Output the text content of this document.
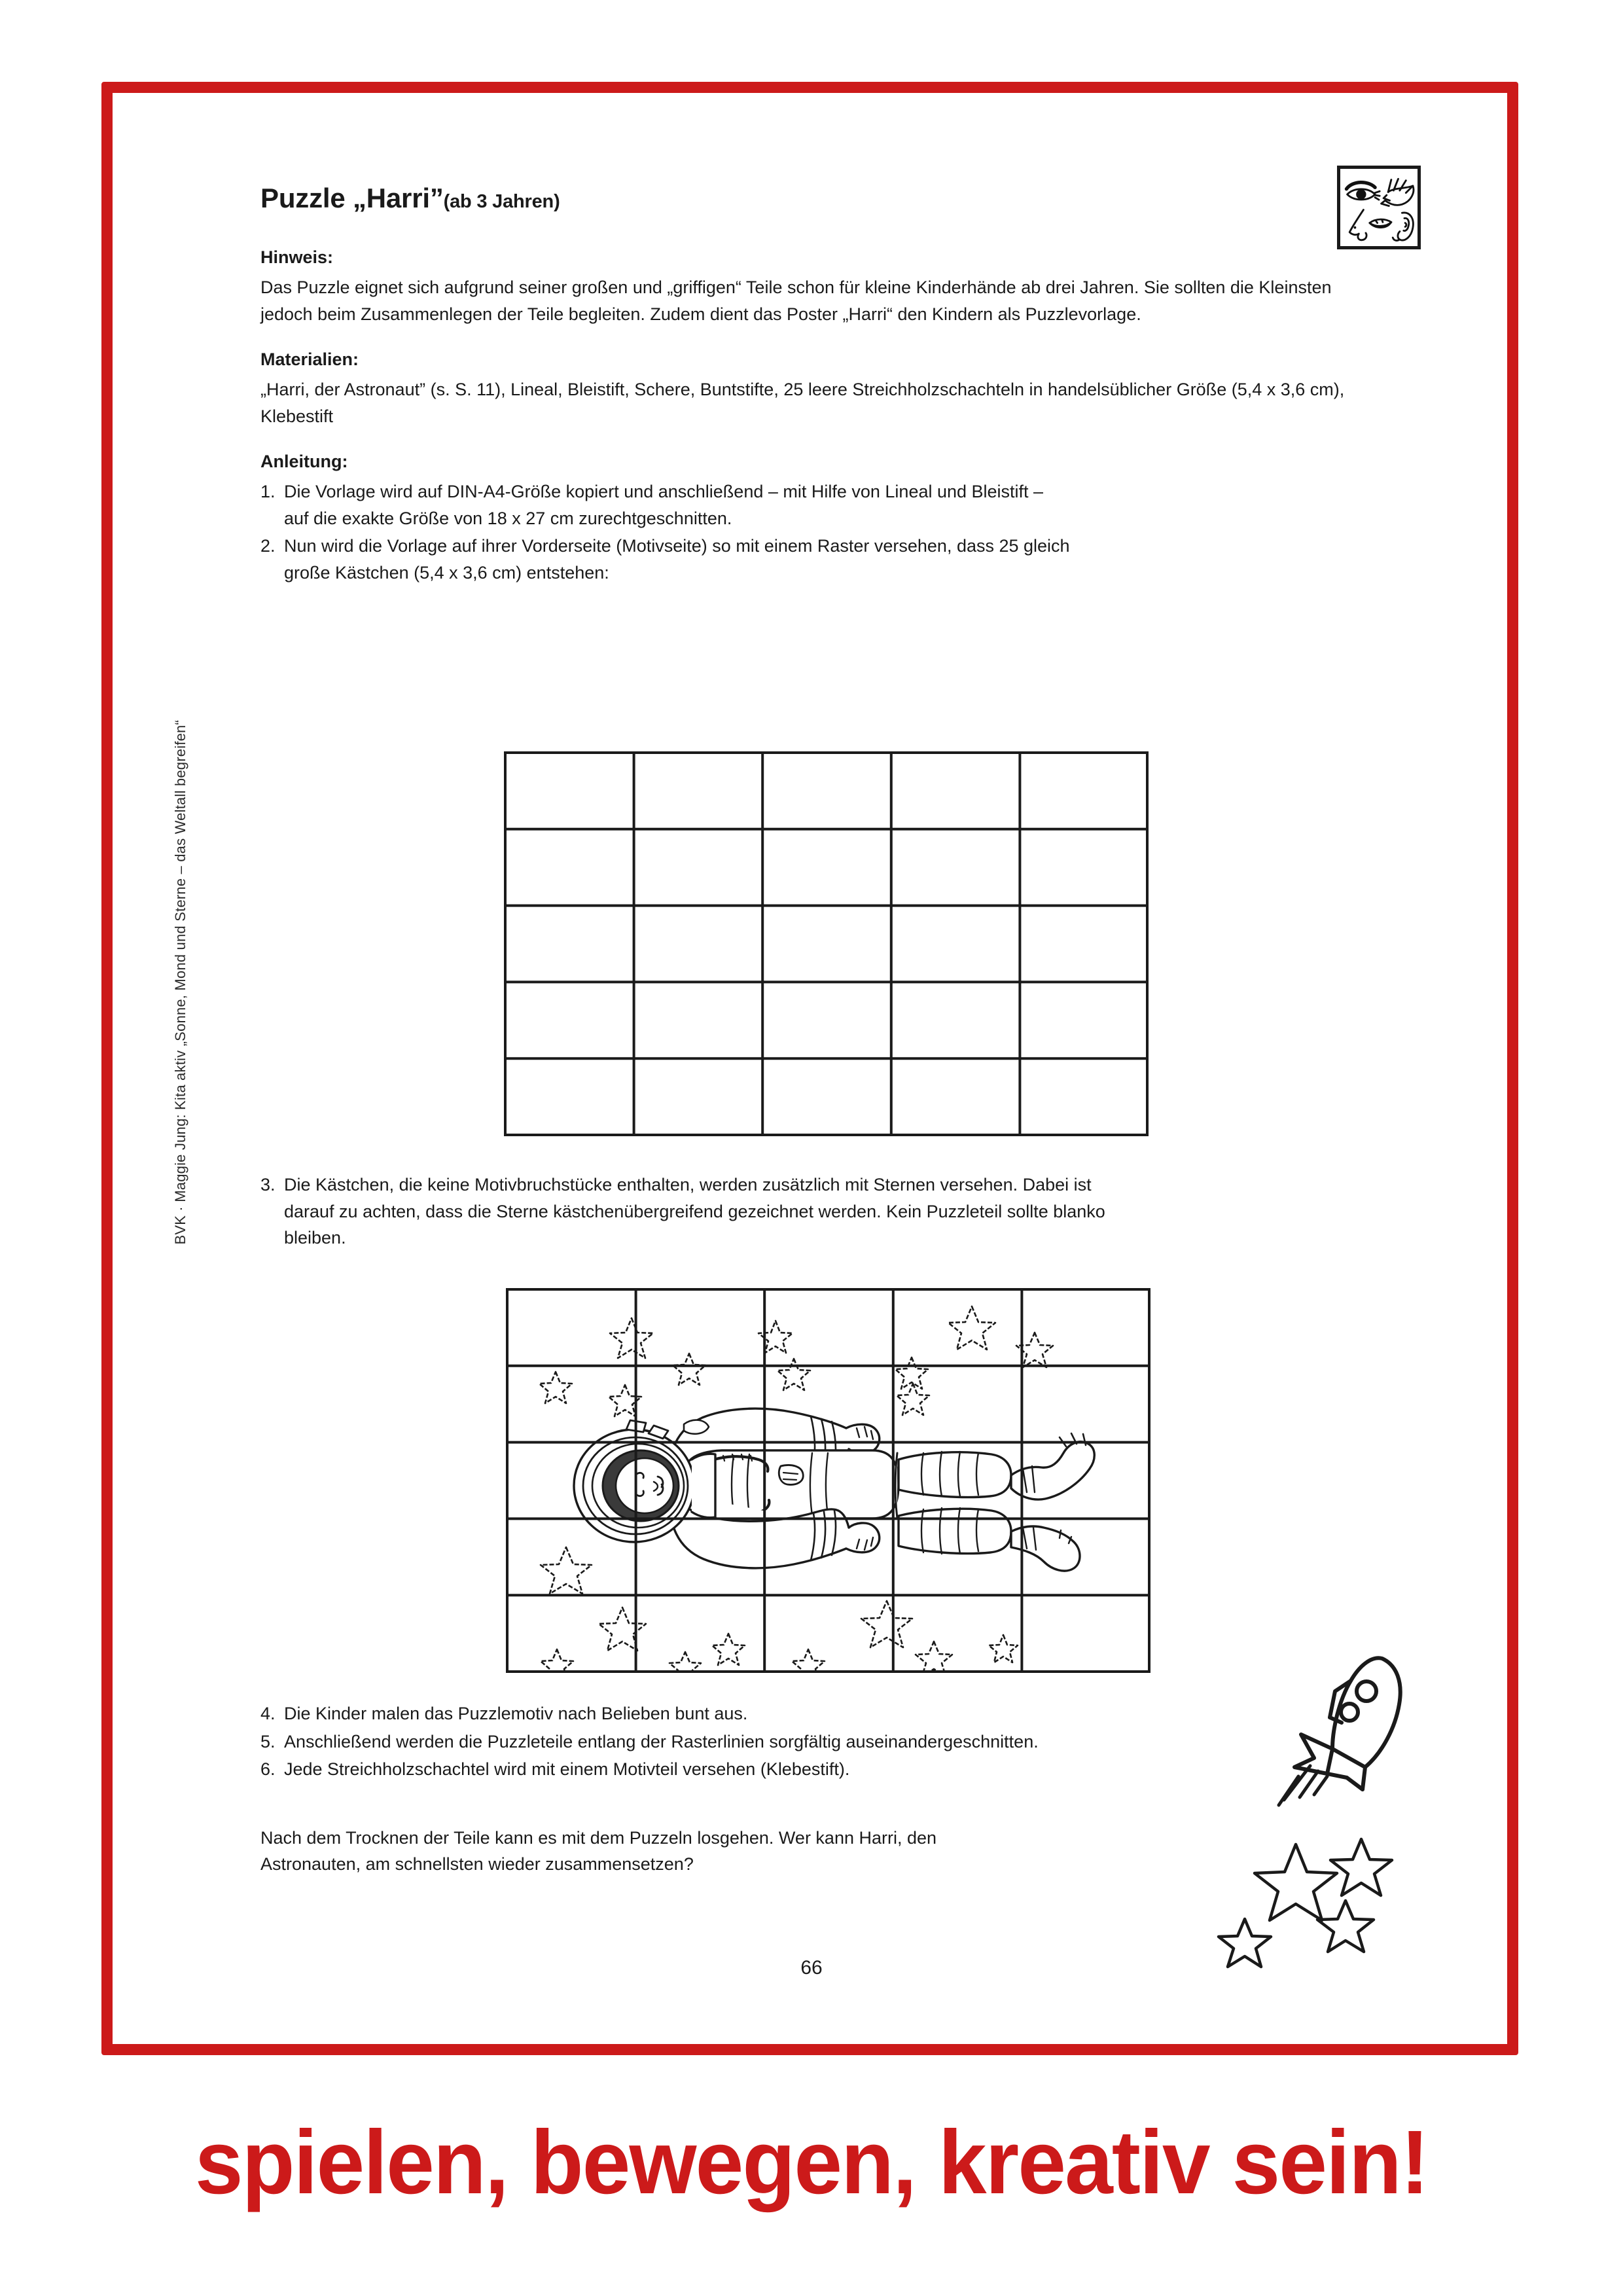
BVK · Maggie Jung: Kita aktiv „Sonne, Mond und Sterne – das Weltall begreifen“
Puzzle „Harri”(ab 3 Jahren)
Hinweis:

Das Puzzle eignet sich aufgrund seiner großen und „griffigen“ Teile schon für kleine Kinderhände ab drei Jahren. Sie sollten die Kleinsten jedoch beim Zusammenlegen der Teile begleiten. Zudem dient das Poster „Harri“ den Kindern als Puzzlevorlage.

Materialien:

„Harri, der Astronaut” (s. S. 11), Lineal, Bleistift, Schere, Buntstifte, 25 leere Streichholzschachteln in handelsüblicher Größe (5,4 x 3,6 cm), Klebestift

Anleitung:
1. Die Vorlage wird auf DIN-A4-Größe kopiert und anschließend – mit Hilfe von Lineal und Bleistift –
auf die exakte Größe von 18 x 27 cm zurechtgeschnitten.
2. Nun wird die Vorlage auf ihrer Vorderseite (Motivseite) so mit einem Raster versehen, dass 25 gleich
große Kästchen (5,4 x 3,6 cm) entstehen:
3. Die Kästchen, die keine Motivbruchstücke enthalten, werden zusätzlich mit Sternen versehen. Dabei ist
darauf zu achten, dass die Sterne kästchenübergreifend gezeichnet werden. Kein Puzzleteil sollte blanko
bleiben.
4. Die Kinder malen das Puzzlemotiv nach Belieben bunt aus.
5. Anschließend werden die Puzzleteile entlang der Rasterlinien sorgfältig auseinandergeschnitten.
6. Jede Streichholzschachtel wird mit einem Motivteil versehen (Klebestift).

Nach dem Trocknen der Teile kann es mit dem Puzzeln losgehen. Wer kann Harri, den
Astronauten, am schnellsten wieder zusammensetzen?

66
spielen, bewegen, kreativ sein!
